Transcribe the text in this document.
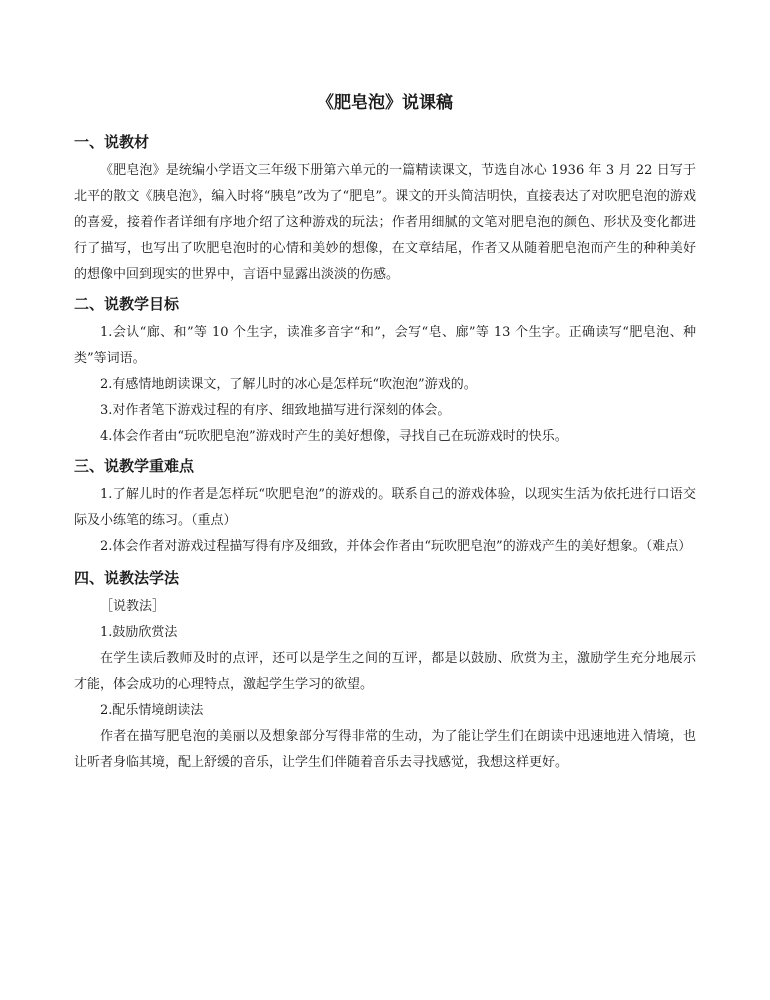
《肥皂泡》说课稿
一、说教材

《肥皂泡》是统编小学语文三年级下册第六单元的一篇精读课文，节选自冰心 1936 年 3 月 22 日写于北平的散文《胰皂泡》，编入时将“胰皂”改为了“肥皂”。课文的开头简洁明快，直接表达了对吹肥皂泡的游戏的喜爱，接着作者详细有序地介绍了这种游戏的玩法；作者用细腻的文笔对肥皂泡的颜色、形状及变化都进行了描写，也写出了吹肥皂泡时的心情和美妙的想像，在文章结尾，作者又从随着肥皂泡而产生的种种美好的想像中回到现实的世界中，言语中显露出淡淡的伤感。

二、说教学目标

1.会认“廊、和”等 10 个生字，读准多音字“和”，会写“皂、廊”等 13 个生字。正确读写“肥皂泡、种类”等词语。

2.有感情地朗读课文，了解儿时的冰心是怎样玩“吹泡泡”游戏的。

3.对作者笔下游戏过程的有序、细致地描写进行深刻的体会。

4.体会作者由“玩吹肥皂泡”游戏时产生的美好想像，寻找自己在玩游戏时的快乐。

三、说教学重难点

1.了解儿时的作者是怎样玩“吹肥皂泡”的游戏的。联系自己的游戏体验，以现实生活为依托进行口语交际及小练笔的练习。（重点）

2.体会作者对游戏过程描写得有序及细致，并体会作者由“玩吹肥皂泡”的游戏产生的美好想象。（难点）

四、说教法学法

［说教法］

1.鼓励欣赏法

在学生读后教师及时的点评，还可以是学生之间的互评，都是以鼓励、欣赏为主，激励学生充分地展示才能，体会成功的心理特点，激起学生学习的欲望。

2.配乐情境朗读法

作者在描写肥皂泡的美丽以及想象部分写得非常的生动，为了能让学生们在朗读中迅速地进入情境，也让听者身临其境，配上舒缓的音乐，让学生们伴随着音乐去寻找感觉，我想这样更好。
